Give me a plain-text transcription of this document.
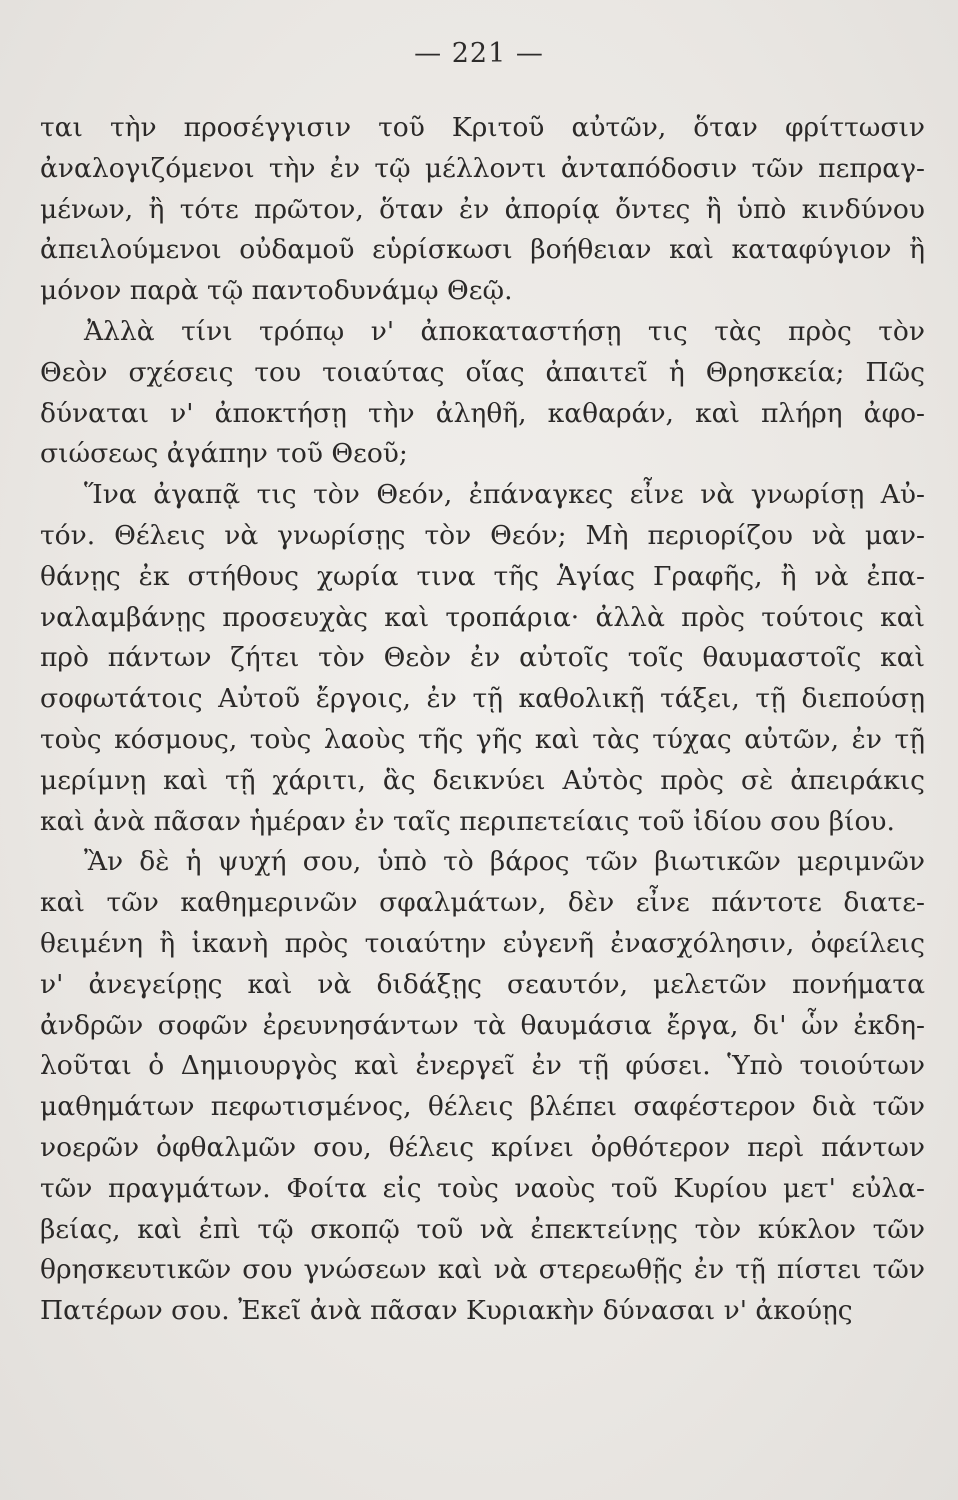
— 221 —
ται τὴν προσέγγισιν τοῦ Κριτοῦ αὐτῶν, ὅταν φρίττωσιν
ἀναλογιζόμενοι τὴν ἐν τῷ μέλλοντι ἀνταπόδοσιν τῶν πεπραγ-
μένων, ἢ τότε πρῶτον, ὅταν ἐν ἀπορίᾳ ὄντες ἢ ὑπὸ κινδύνου
ἀπειλούμενοι οὐδαμοῦ εὑρίσκωσι βοήθειαν καὶ καταφύγιον ἢ
μόνον παρὰ τῷ παντοδυνάμῳ Θεῷ.
Ἀλλὰ τίνι τρόπῳ ν' ἀποκαταστήσῃ τις τὰς πρὸς τὸν
Θεὸν σχέσεις του τοιαύτας οἵας ἀπαιτεῖ ἡ Θρησκεία; Πῶς
δύναται ν' ἀποκτήσῃ τὴν ἀληθῆ, καθαράν, καὶ πλήρη ἀφο-
σιώσεως ἀγάπην τοῦ Θεοῦ;
Ἵνα ἀγαπᾷ τις τὸν Θεόν, ἐπάναγκες εἶνε νὰ γνωρίσῃ Αὐ-
τόν. Θέλεις νὰ γνωρίσῃς τὸν Θεόν; Μὴ περιορίζου νὰ μαν-
θάνῃς ἐκ στήθους χωρία τινα τῆς Ἁγίας Γραφῆς, ἢ νὰ ἐπα-
ναλαμβάνῃς προσευχὰς καὶ τροπάρια· ἀλλὰ πρὸς τούτοις καὶ
πρὸ πάντων ζήτει τὸν Θεὸν ἐν αὐτοῖς τοῖς θαυμαστοῖς καὶ
σοφωτάτοις Αὐτοῦ ἔργοις, ἐν τῇ καθολικῇ τάξει, τῇ διεπούσῃ
τοὺς κόσμους, τοὺς λαοὺς τῆς γῆς καὶ τὰς τύχας αὐτῶν, ἐν τῇ
μερίμνῃ καὶ τῇ χάριτι, ἃς δεικνύει Αὐτὸς πρὸς σὲ ἀπειράκις
καὶ ἀνὰ πᾶσαν ἡμέραν ἐν ταῖς περιπετείαις τοῦ ἰδίου σου βίου.
Ἂν δὲ ἡ ψυχή σου, ὑπὸ τὸ βάρος τῶν βιωτικῶν μεριμνῶν
καὶ τῶν καθημερινῶν σφαλμάτων, δὲν εἶνε πάντοτε διατε-
θειμένη ἢ ἱκανὴ πρὸς τοιαύτην εὐγενῆ ἐνασχόλησιν, ὀφείλεις
ν' ἀνεγείρῃς καὶ νὰ διδάξῃς σεαυτόν, μελετῶν πονήματα
ἀνδρῶν σοφῶν ἐρευνησάντων τὰ θαυμάσια ἔργα, δι' ὧν ἐκδη-
λοῦται ὁ Δημιουργὸς καὶ ἐνεργεῖ ἐν τῇ φύσει. Ὑπὸ τοιούτων
μαθημάτων πεφωτισμένος, θέλεις βλέπει σαφέστερον διὰ τῶν
νοερῶν ὀφθαλμῶν σου, θέλεις κρίνει ὀρθότερον περὶ πάντων
τῶν πραγμάτων. Φοίτα εἰς τοὺς ναοὺς τοῦ Κυρίου μετ' εὐλα-
βείας, καὶ ἐπὶ τῷ σκοπῷ τοῦ νὰ ἐπεκτείνῃς τὸν κύκλον τῶν
θρησκευτικῶν σου γνώσεων καὶ νὰ στερεωθῇς ἐν τῇ πίστει τῶν
Πατέρων σου. Ἐκεῖ ἀνὰ πᾶσαν Κυριακὴν δύνασαι ν' ἀκούῃς
